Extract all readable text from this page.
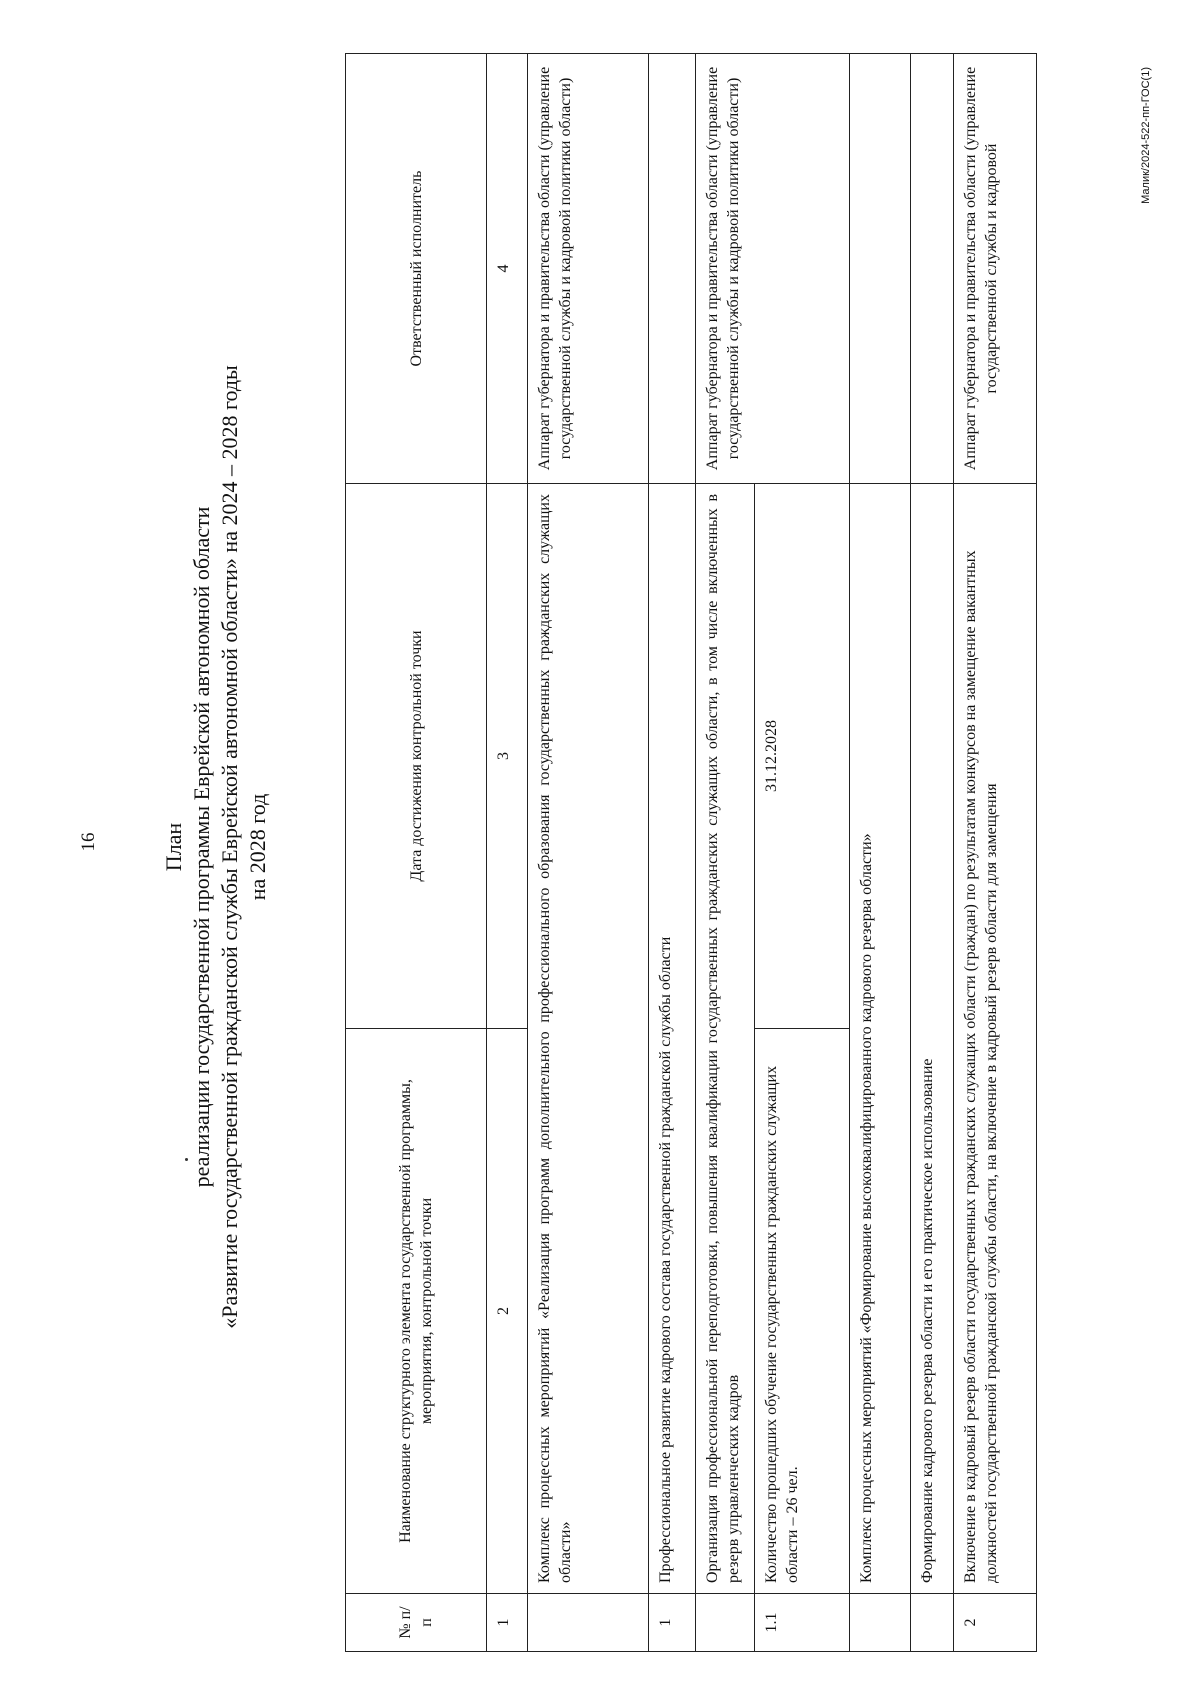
16	План реализации государственной программы Еврейской автономной области «Развитие государственной гражданской службы Еврейской автономной области» на 2024 – 2028 годы на 2028 год
№ п/п	Наименование структурного элемента государственной программы, мероприятия, контрольной точки	Дата достижения контрольной точки	Ответственный исполнитель
1	2	3	4
	Комплекс процессных мероприятий «Реализация программ дополнительного профессионального образования государственных гражданских служащих области»		Аппарат губернатора и правительства области (управление государственной службы и кадровой политики области)
1	Профессиональное развитие кадрового состава государственной гражданской службы области		
	Организация профессиональной переподготовки, повышения квалификации государственных гражданских служащих области, в том числе включенных в резерв управленческих кадров		Аппарат губернатора и правительства области (управление государственной службы и кадровой политики области)
1.1	Количество прошедших обучение государственных гражданских служащих области – 26 чел.	31.12.2028	
	Комплекс процессных мероприятий «Формирование высококвалифицированного кадрового резерва области»		
	Формирование кадрового резерва области и его практическое использование		
2	Включение в кадровый резерв области государственных гражданских служащих области (граждан) по результатам конкурсов на замещение вакантных должностей государственной гражданской службы области, на включение в кадровый резерв области для замещения		Аппарат губернатора и правительства области (управление государственной службы и кадровой
Малик/2024-522-пп-ГОС(1)
